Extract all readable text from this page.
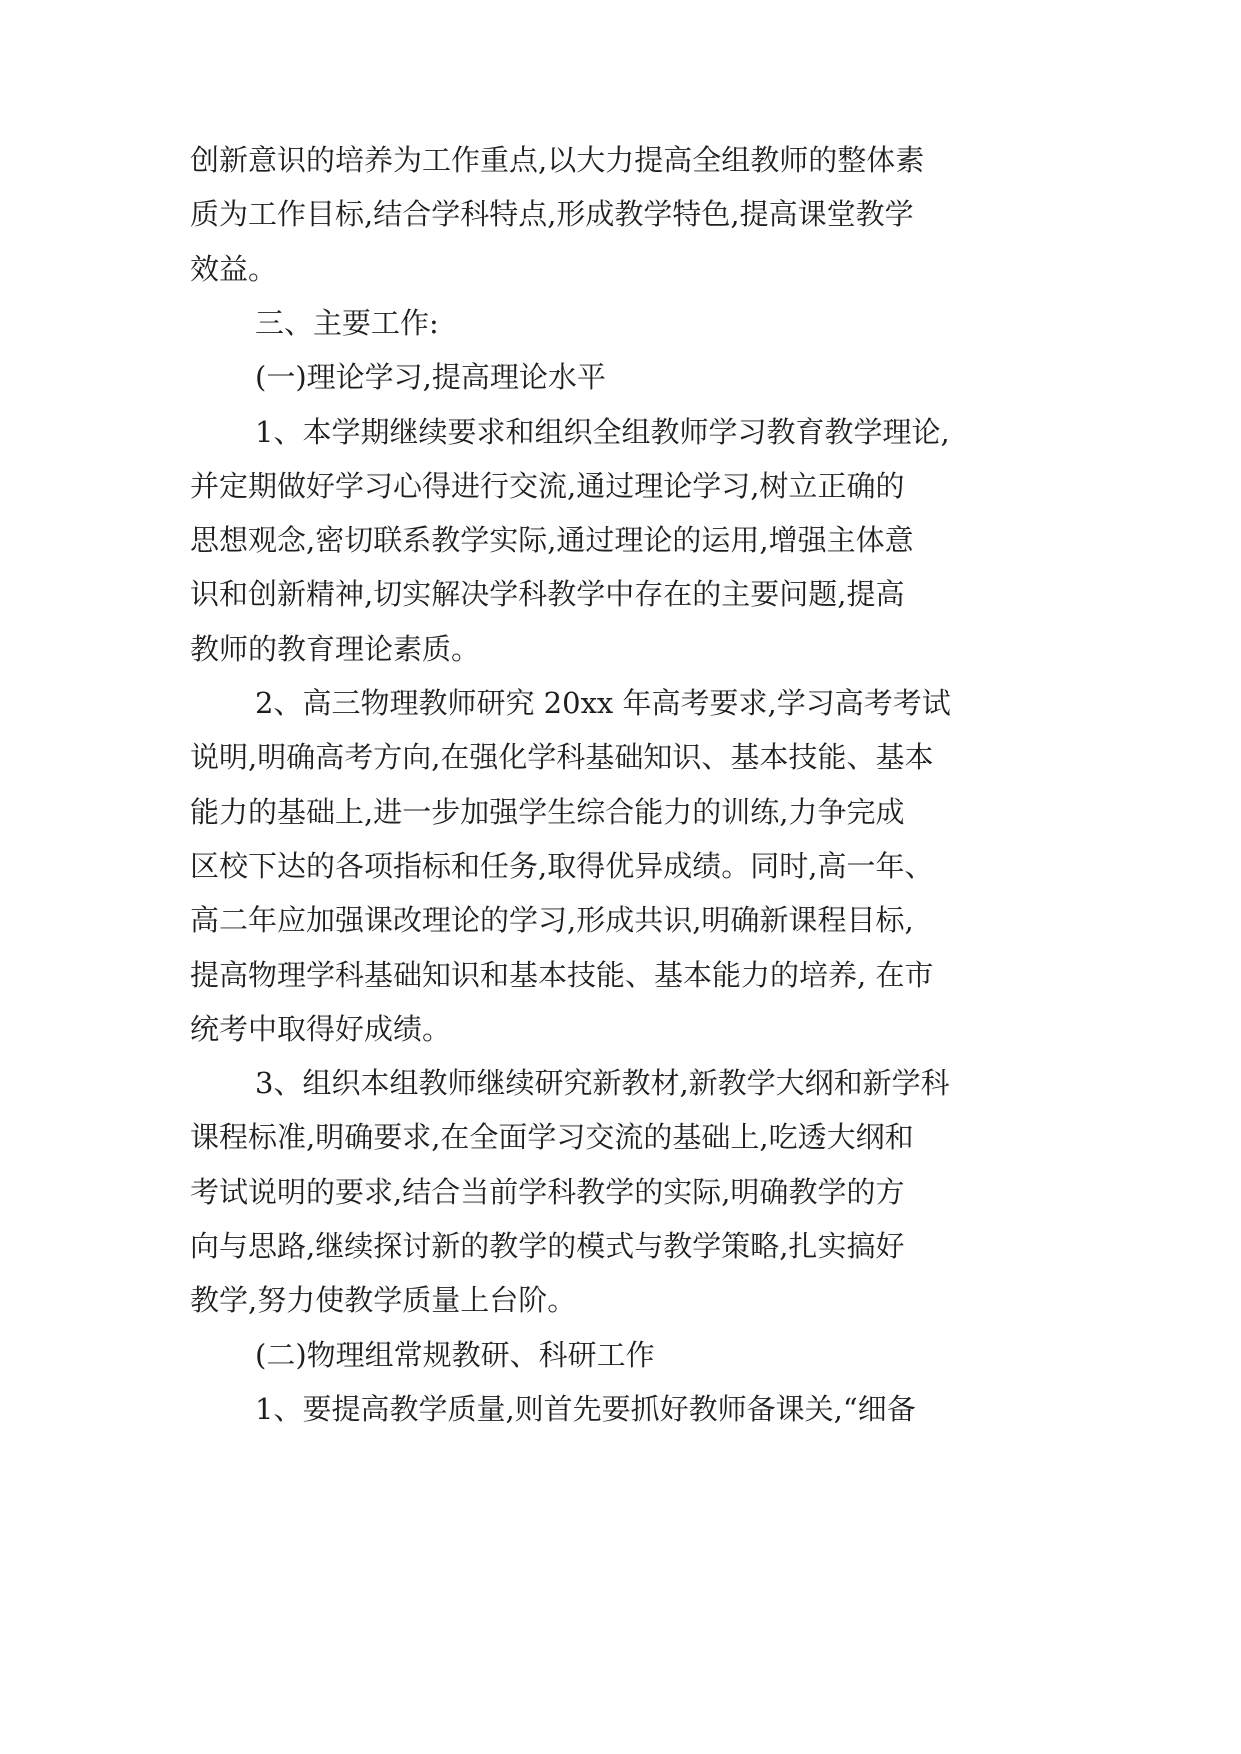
创新意识的培养为工作重点,以大力提高全组教师的整体素

质为工作目标,结合学科特点,形成教学特色,提高课堂教学

效益。

三、主要工作:

(一)理论学习,提高理论水平

1、本学期继续要求和组织全组教师学习教育教学理论,

并定期做好学习心得进行交流,通过理论学习,树立正确的

思想观念,密切联系教学实际,通过理论的运用,增强主体意

识和创新精神,切实解决学科教学中存在的主要问题,提高

教师的教育理论素质。

2、高三物理教师研究 20xx 年高考要求,学习高考考试

说明,明确高考方向,在强化学科基础知识、基本技能、基本

能力的基础上,进一步加强学生综合能力的训练,力争完成

区校下达的各项指标和任务,取得优异成绩。同时,高一年、

高二年应加强课改理论的学习,形成共识,明确新课程目标,

提高物理学科基础知识和基本技能、基本能力的培养, 在市

统考中取得好成绩。

3、组织本组教师继续研究新教材,新教学大纲和新学科

课程标准,明确要求,在全面学习交流的基础上,吃透大纲和

考试说明的要求,结合当前学科教学的实际,明确教学的方

向与思路,继续探讨新的教学的模式与教学策略,扎实搞好

教学,努力使教学质量上台阶。

(二)物理组常规教研、科研工作

1、要提高教学质量,则首先要抓好教师备课关,“细备
